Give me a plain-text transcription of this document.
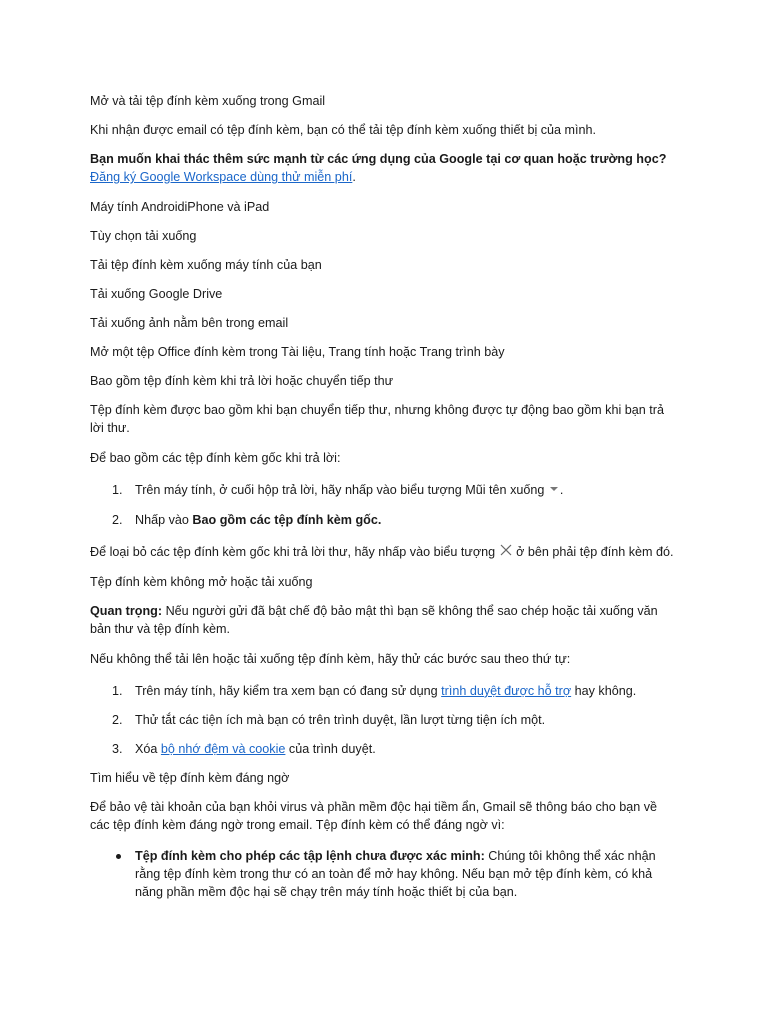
Mở và tải tệp đính kèm xuống trong Gmail

Khi nhận được email có tệp đính kèm, bạn có thể tải tệp đính kèm xuống thiết bị của mình.

Bạn muốn khai thác thêm sức mạnh từ các ứng dụng của Google tại cơ quan hoặc trường học?  Đăng ký Google Workspace dùng thử miễn phí.

Máy tính AndroidiPhone và iPad

Tùy chọn tải xuống

Tải tệp đính kèm xuống máy tính của bạn

Tải xuống Google Drive

Tải xuống ảnh nằm bên trong email

Mở một tệp Office đính kèm trong Tài liệu, Trang tính hoặc Trang trình bày

Bao gồm tệp đính kèm khi trả lời hoặc chuyển tiếp thư

Tệp đính kèm được bao gồm khi bạn chuyển tiếp thư, nhưng không được tự động bao gồm khi bạn trả lời thư.

Để bao gồm các tệp đính kèm gốc khi trả lời:

1. Trên máy tính, ở cuối hộp trả lời, hãy nhấp vào biểu tượng Mũi tên xuống .
2. Nhấp vào Bao gồm các tệp đính kèm gốc.

Để loại bỏ các tệp đính kèm gốc khi trả lời thư, hãy nhấp vào biểu tượng ở bên phải tệp đính kèm đó.

Tệp đính kèm không mở hoặc tải xuống

Quan trọng: Nếu người gửi đã bật chế độ bảo mật thì bạn sẽ không thể sao chép hoặc tải xuống văn bản thư và tệp đính kèm.

Nếu không thể tải lên hoặc tải xuống tệp đính kèm, hãy thử các bước sau theo thứ tự:

1. Trên máy tính, hãy kiểm tra xem bạn có đang sử dụng trình duyệt được hỗ trợ hay không.
2. Thử tắt các tiện ích mà bạn có trên trình duyệt, lần lượt từng tiện ích một.
3. Xóa bộ nhớ đệm và cookie của trình duyệt.

Tìm hiểu về tệp đính kèm đáng ngờ

Để bảo vệ tài khoản của bạn khỏi virus và phần mềm độc hại tiềm ẩn, Gmail sẽ thông báo cho bạn về các tệp đính kèm đáng ngờ trong email. Tệp đính kèm có thể đáng ngờ vì:

Tệp đính kèm cho phép các tập lệnh chưa được xác minh: Chúng tôi không thể xác nhận rằng tệp đính kèm trong thư có an toàn để mở hay không. Nếu bạn mở tệp đính kèm, có khả năng phần mềm độc hại sẽ chạy trên máy tính hoặc thiết bị của bạn.
